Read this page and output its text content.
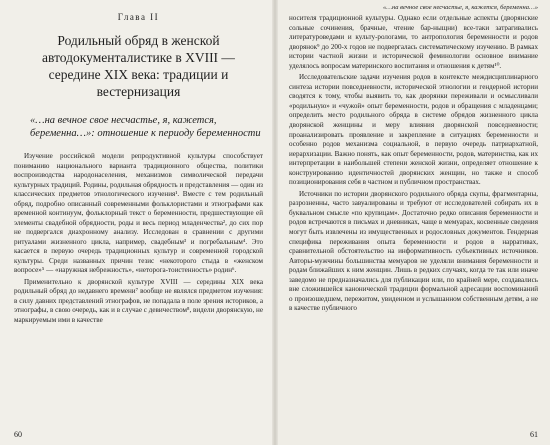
Глава II
Родильный обряд в женской автодокументалистике в XVIII — середине XIX века: традиции и вестернизация
«…на вечное свое несчастье, я, кажется, беременна…»: отношение к периоду беременности

Изучение российской модели репродуктивной культуры способствует пониманию национального варианта традиционного общества, политики воспроизводства народонаселения, механизмов символической передачи культурных традиций. Родины, родильная обрядность и представления — один из классических предметов этнологического изучения¹. Вместе с тем родильный обряд, подробно описанный современными фольклористами и этнографами как временной континуум, фольклорный текст о беременности, предшествующие ей элементы свадебной обрядности, роды и весь период младенчества², до сих пор не подвергался диахронному анализу. Исследован в сравнении с другими ритуалами жизненного цикла, например, свадебным³ и погребальным⁴. Это касается в первую очередь традиционных культур и современной городской культуры. Среди названных причин тезис «некоторого стыда в «женском вопросе»⁵ — «наружная небрежность», «неторога-тоистенность» родин⁶.

Применительно к дворянской культуре XVIII — середины XIX века родильный обряд до недавнего времени⁷ вообще не являлся предметом изучения: в силу давних представлений этнографов, не попадала в поле зрения историков, а этнографы, в свою очередь, как и в случае с девичеством⁸, видели дворянскую, не маркируемым ими в качестве

60
«…на вечное свое несчастье, я, кажется, беременна…»

носителя традиционной культуры. Однако если отдельные аспекты (дворянские сольные сочинения, брачные, чтение бар-ныщни) все-таки затрагивались литературоведами и культу-рологами, то антропология беременности и родов дворянок⁹ до 200-х годов не подвергалась систематическому изучению. В рамках истории частной жизни и исторической феминологии основное внимание уделялось вопросам материнского воспитания и отношения к детям¹⁰.

Исследовательские задачи изучения родов в контексте междисциплинарного синтеза истории повседневности, исторической этнологии и гендерной истории сводятся к тому, чтобы выявить то, как дворянки переживали и осмысливали «родильную» и «чужой» опыт беременности, родов и обращения с младенцами; определить место родильного обряда в системе обрядов жизненного цикла дворянской женщины и меру влияния дворянской повседневности; проанализировать проявление и закрепление в ситуациях беременности и особенно родов механизма социальной, в первую очередь патриархатной, иерархизации. Важно понять, как опыт беременности, родов, материнства, как их интерпретации в наибольшей степени женской жизни, определяет отношение к конструированию идентичностей дворянских женщин, но также и способ позиционирования себя в частном и публичном пространствах.

Источники по истории дворянского родильного обряда скупы, фрагментарны, разрозненны, часто завуалированы и требуют от исследователей собирать их в буквальном смысле «по крупицам». Достаточно редко описания беременности и родов встречаются в письмах и дневниках, чаще в мемуарах, косвенные сведения могут быть извлечены из имущественных и родословных документов. Гендерная специфика переживания опыта беременности и родов в нарративах, сравнительной обстоятельство на информативность субъективных источников. Авторы-мужчины большинства мемуаров не уделяли внимания беременности и родам ближайших к ним женщин. Лишь в редких случаях, когда те так или иначе заведомо не предназначались для публикации или, по крайней мере, создавались вне сложившейся канонической традиции формальной адресации воспоминаний о произошедшем, пережитом, увиденном и услышанном собственным детям, а не в качестве публичного

61
